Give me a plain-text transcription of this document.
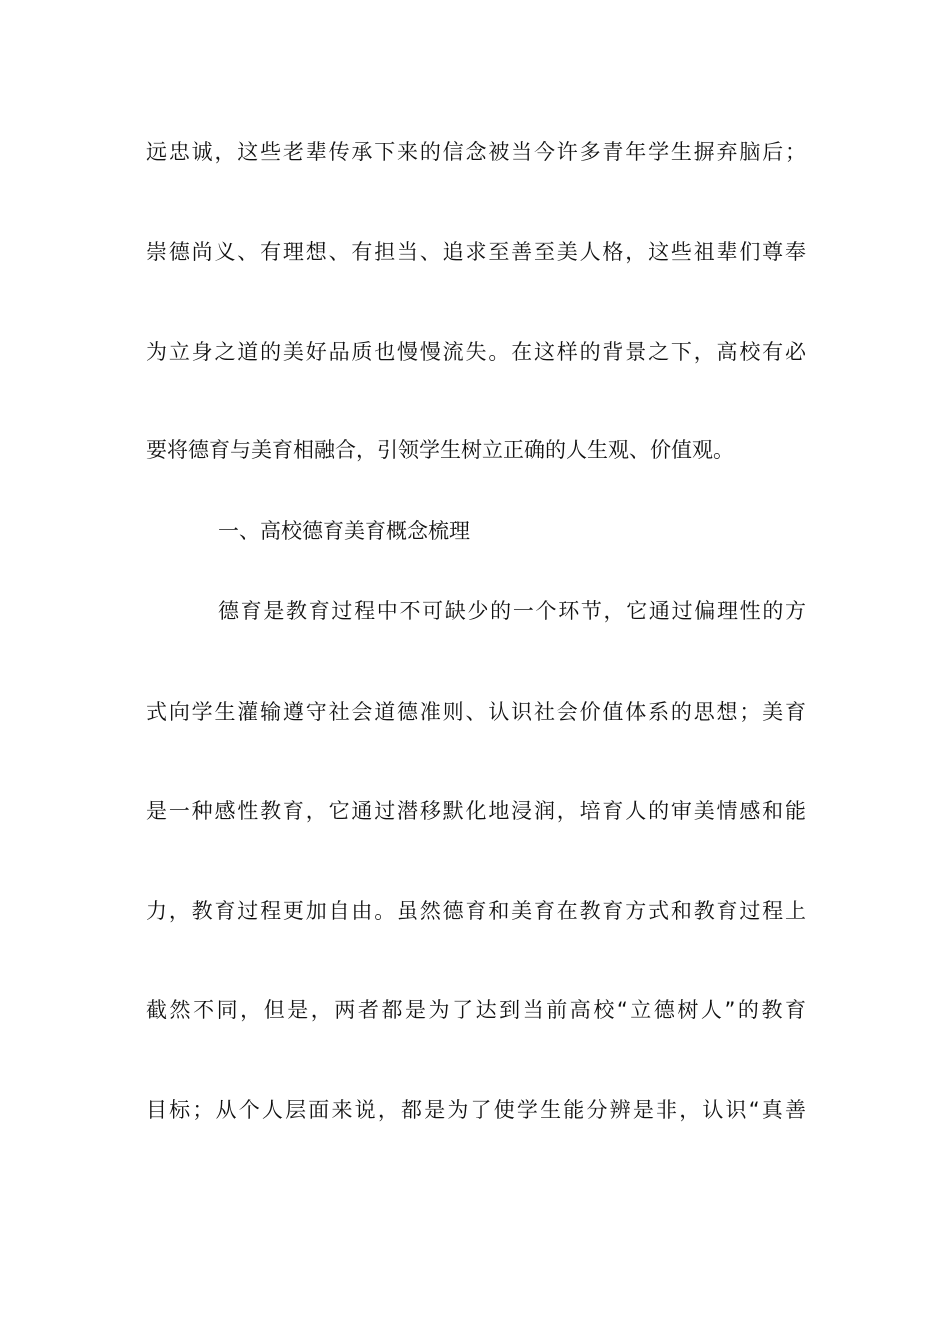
远忠诚，这些老辈传承下来的信念被当今许多青年学生摒弃脑后；
崇德尚义、有理想、有担当、追求至善至美人格，这些祖辈们尊奉
为立身之道的美好品质也慢慢流失。在这样的背景之下，高校有必
要将德育与美育相融合，引领学生树立正确的人生观、价值观。
一、高校德育美育概念梳理
德育是教育过程中不可缺少的一个环节，它通过偏理性的方
式向学生灌输遵守社会道德准则、认识社会价值体系的思想；美育
是一种感性教育，它通过潜移默化地浸润，培育人的审美情感和能
力，教育过程更加自由。虽然德育和美育在教育方式和教育过程上
截然不同，但是，两者都是为了达到当前高校“立德树人”的教育
目标；从个人层面来说，都是为了使学生能分辨是非，认识“真善
